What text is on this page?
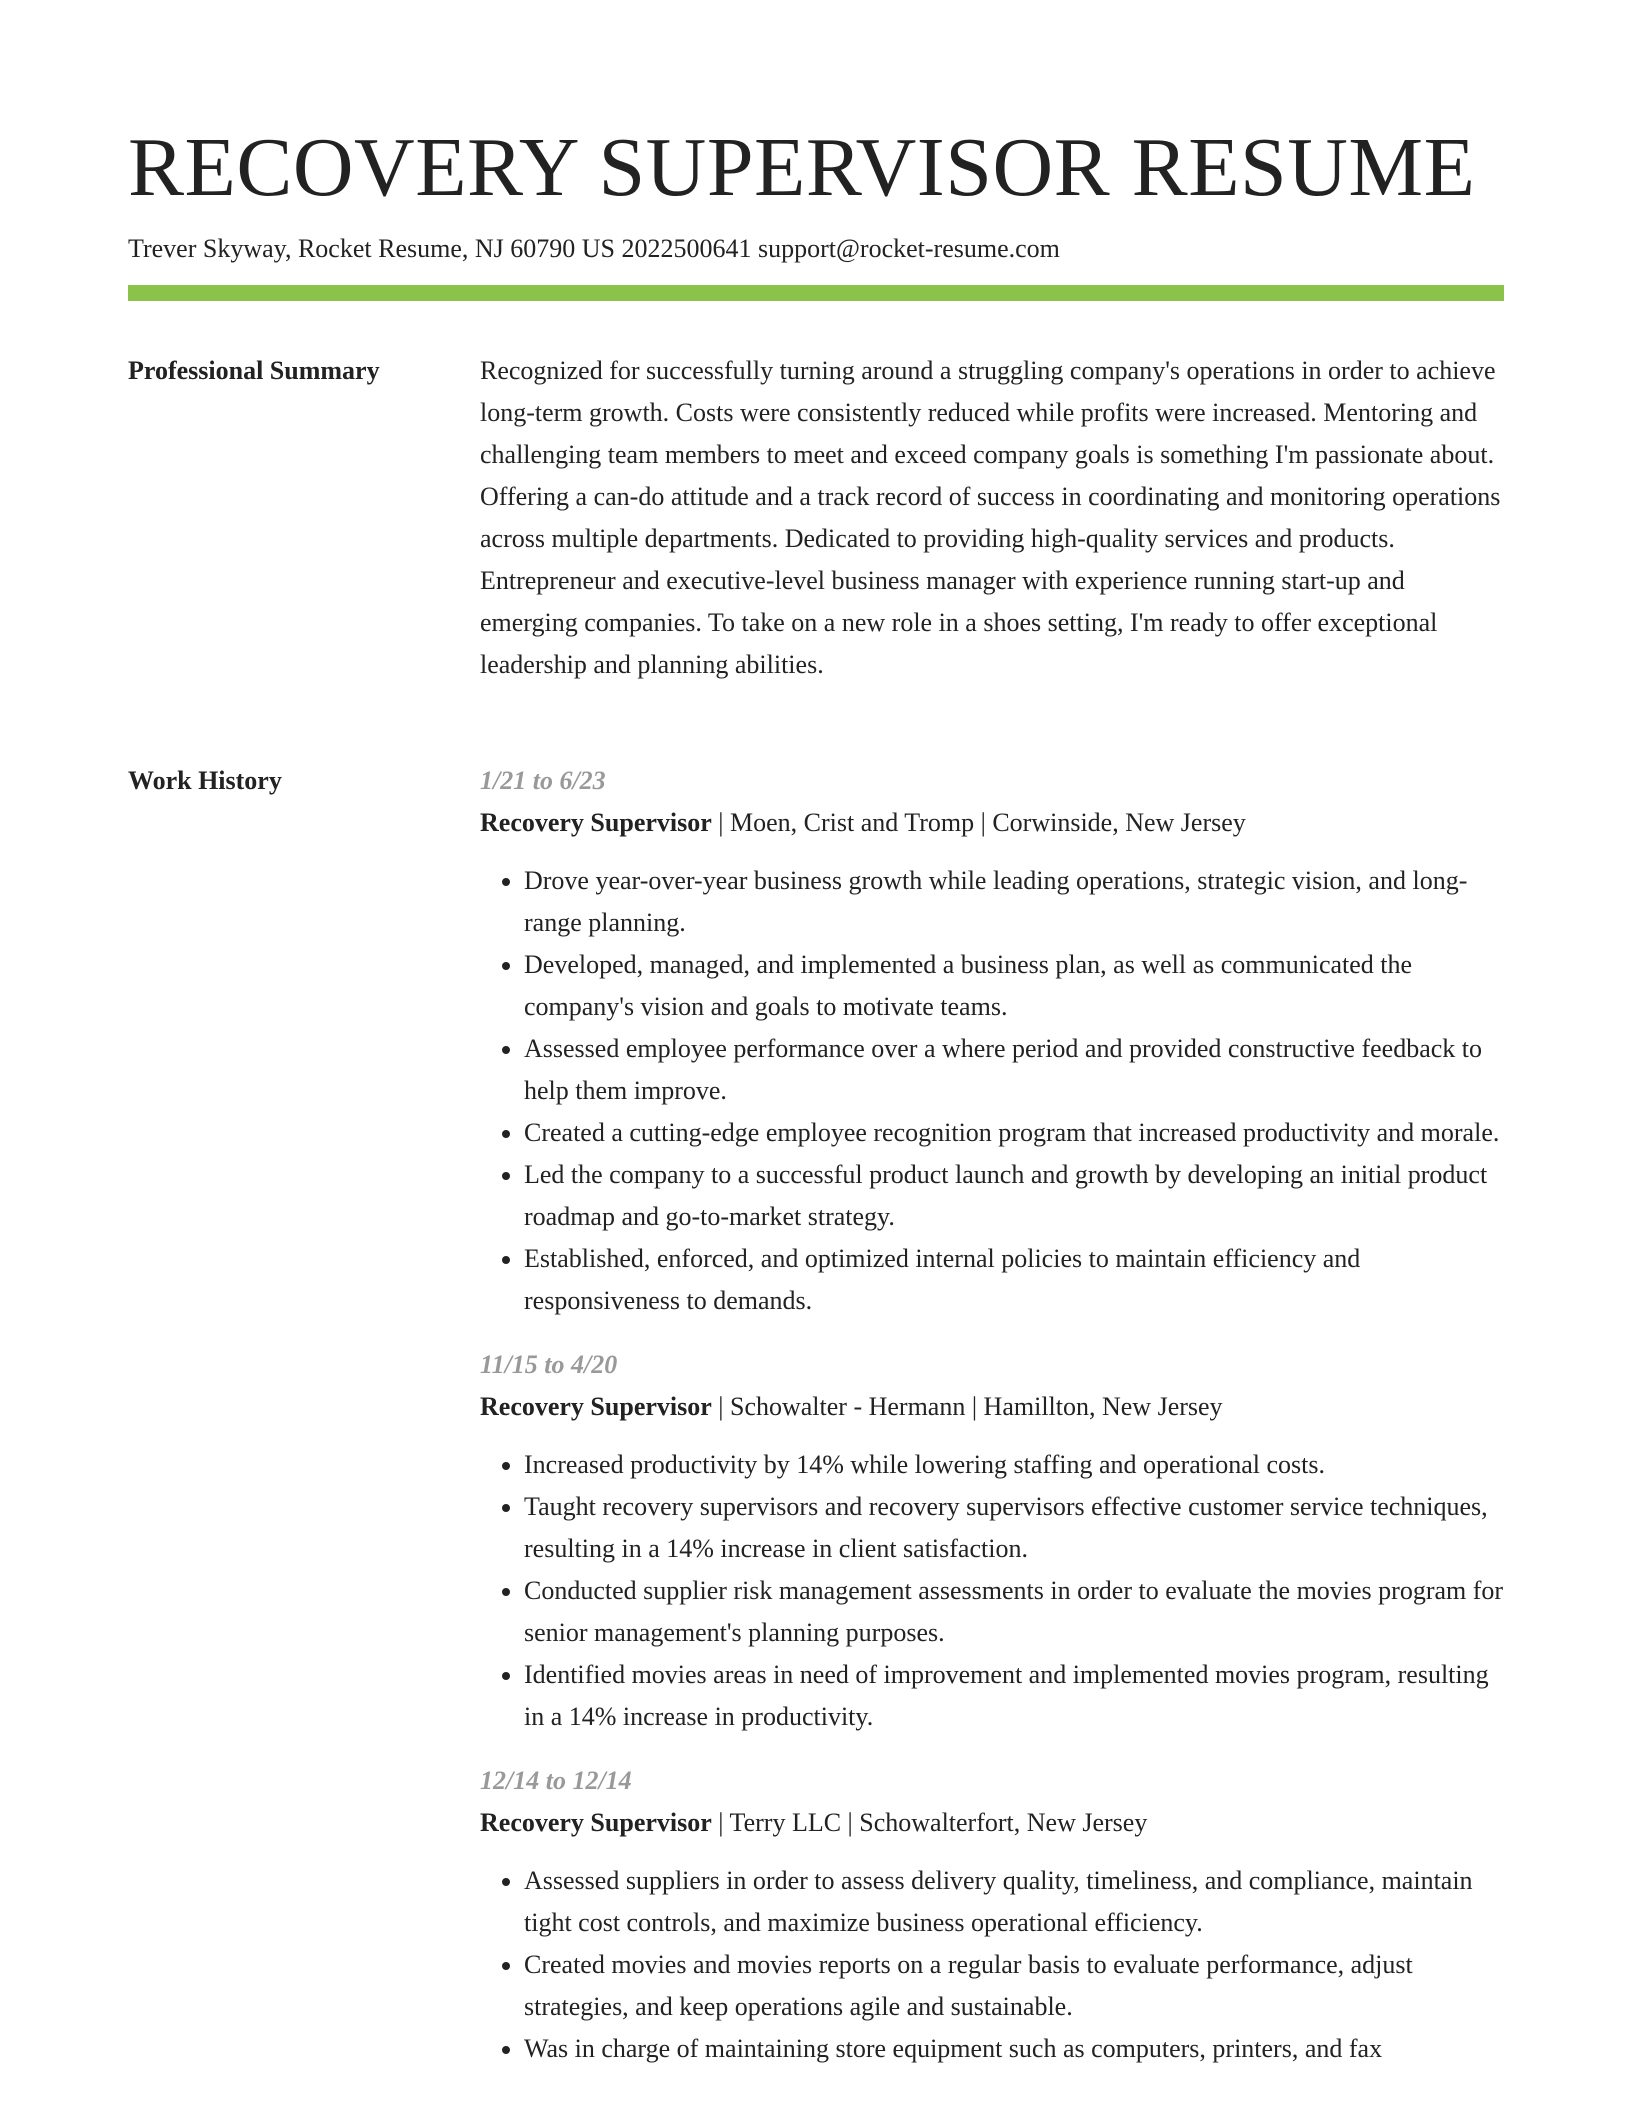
RECOVERY SUPERVISOR RESUME
Trever Skyway, Rocket Resume, NJ 60790 US 2022500641 support@rocket-resume.com
Professional Summary	Recognized for successfully turning around a struggling company's operations in order to achieve long-term growth. Costs were consistently reduced while profits were increased. Mentoring and challenging team members to meet and exceed company goals is something I'm passionate about. Offering a can-do attitude and a track record of success in coordinating and monitoring operations across multiple departments. Dedicated to providing high-quality services and products. Entrepreneur and executive-level business manager with experience running start-up and emerging companies. To take on a new role in a shoes setting, I'm ready to offer exceptional leadership and planning abilities.

Work History	1/21 to 6/23

Recovery Supervisor | Moen, Crist and Tromp | Corwinside, New Jersey

• Drove year-over-year business growth while leading operations, strategic vision, and long-range planning.
• Developed, managed, and implemented a business plan, as well as communicated the company's vision and goals to motivate teams.
• Assessed employee performance over a where period and provided constructive feedback to help them improve.
• Created a cutting-edge employee recognition program that increased productivity and morale.
• Led the company to a successful product launch and growth by developing an initial product roadmap and go-to-market strategy.
• Established, enforced, and optimized internal policies to maintain efficiency and responsiveness to demands.

11/15 to 4/20

Recovery Supervisor | Schowalter - Hermann | Hamillton, New Jersey

• Increased productivity by 14% while lowering staffing and operational costs.
• Taught recovery supervisors and recovery supervisors effective customer service techniques, resulting in a 14% increase in client satisfaction.
• Conducted supplier risk management assessments in order to evaluate the movies program for senior management's planning purposes.
• Identified movies areas in need of improvement and implemented movies program, resulting in a 14% increase in productivity.

12/14 to 12/14

Recovery Supervisor | Terry LLC | Schowalterfort, New Jersey

• Assessed suppliers in order to assess delivery quality, timeliness, and compliance, maintain tight cost controls, and maximize business operational efficiency.
• Created movies and movies reports on a regular basis to evaluate performance, adjust strategies, and keep operations agile and sustainable.
• Was in charge of maintaining store equipment such as computers, printers, and fax
